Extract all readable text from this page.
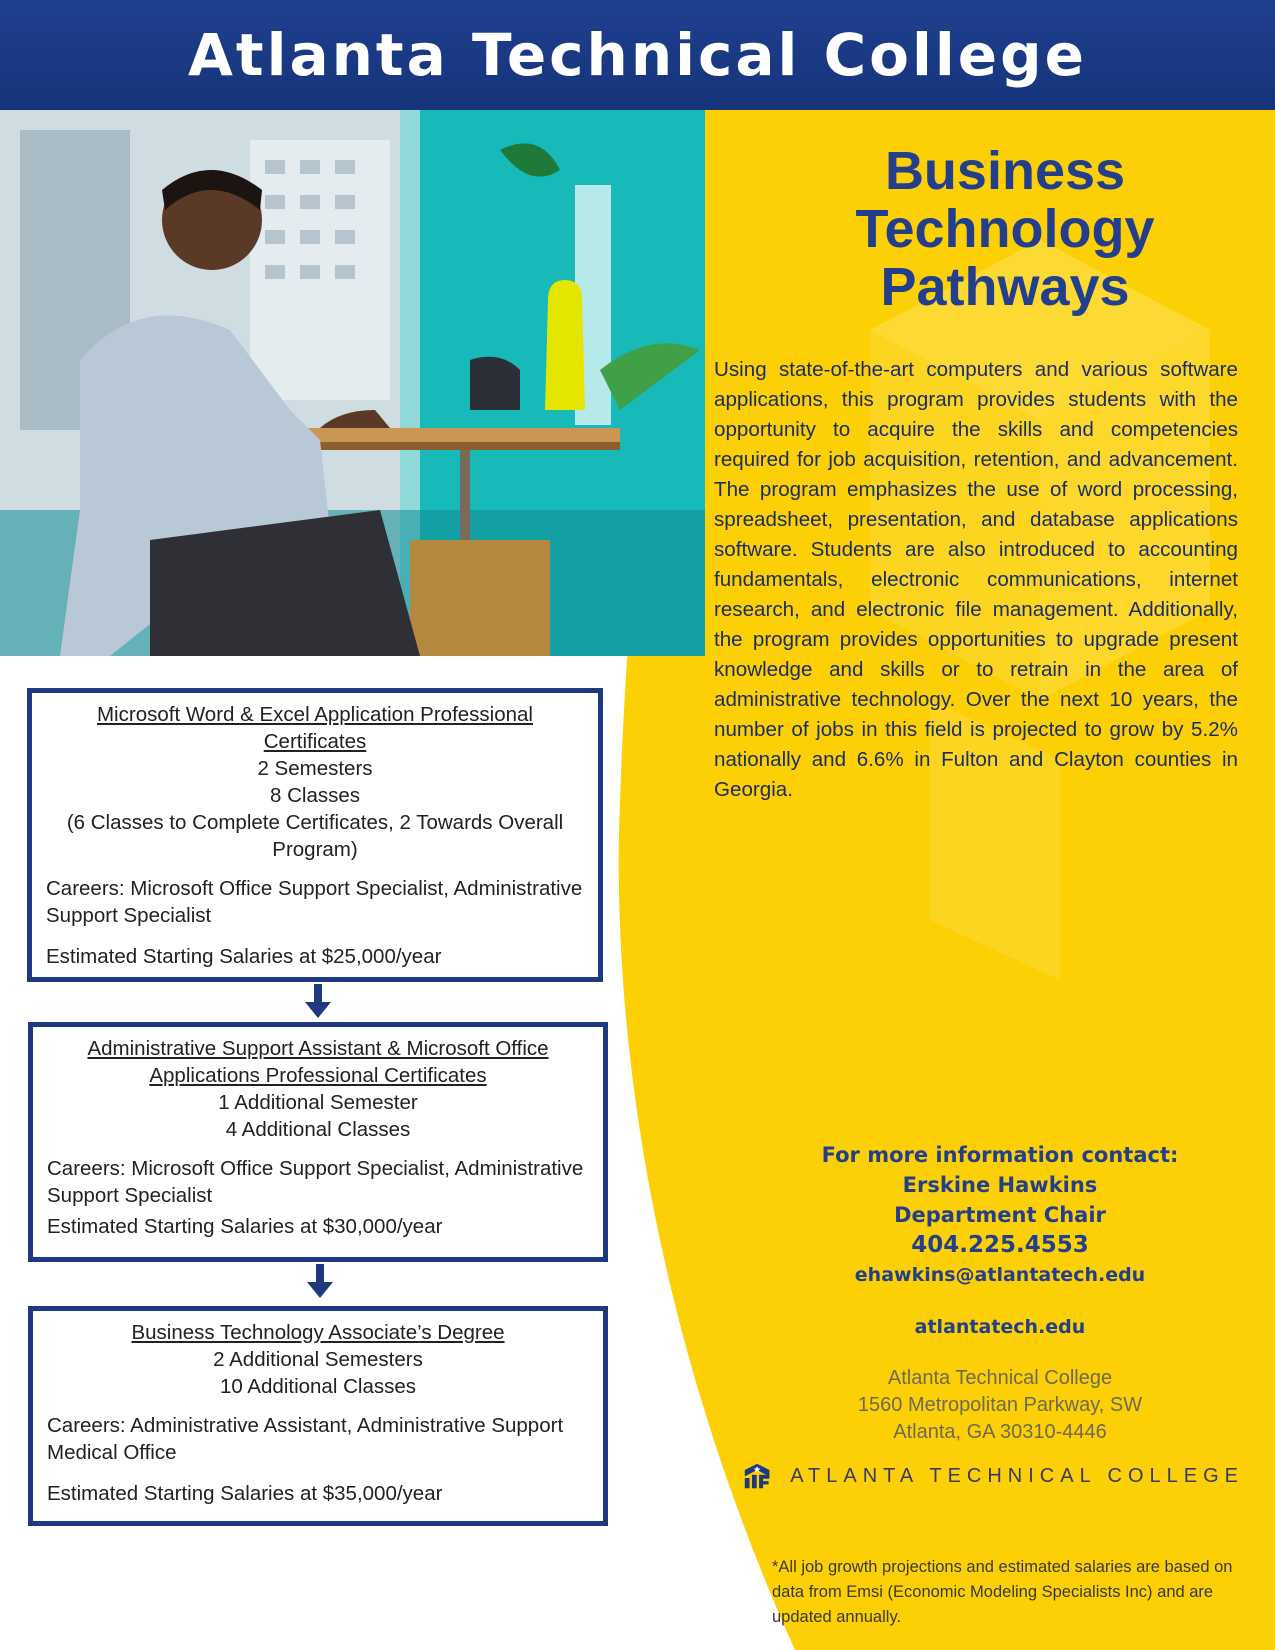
Atlanta Technical College
Business
Technology
Pathways

Using state-of-the-art computers and various software applications, this program provides students with the opportunity to acquire the skills and competencies required for job acquisition, retention, and advancement. The program emphasizes the use of word processing, spreadsheet, presentation, and database applications software. Students are also introduced to accounting fundamentals, electronic communications, internet research, and electronic file management. Additionally, the program provides opportunities to upgrade present knowledge and skills or to retrain in the area of administrative technology. Over the next 10 years, the number of jobs in this field is projected to grow by 5.2% nationally and 6.6% in Fulton and Clayton counties in Georgia.

Microsoft Word & Excel Application Professional Certificates

2 Semesters

8 Classes

(6 Classes to Complete Certificates, 2 Towards Overall Program)

Careers: Microsoft Office Support Specialist, Administrative Support Specialist

Estimated Starting Salaries at $25,000/year

Administrative Support Assistant & Microsoft Office Applications Professional Certificates

1 Additional Semester

4 Additional Classes

Careers: Microsoft Office Support Specialist, Administrative Support Specialist

Estimated Starting Salaries at $30,000/year

Business Technology Associate’s Degree

2 Additional Semesters

10 Additional Classes

Careers: Administrative Assistant, Administrative Support Medical Office

Estimated Starting Salaries at $35,000/year

For more information contact:
Erskine Hawkins
Department Chair
404.225.4553
ehawkins@atlantatech.edu
atlantatech.edu
Atlanta Technical College
1560 Metropolitan Parkway, SW
Atlanta, GA 30310-4446
ATLANTA TECHNICAL COLLEGE

*All job growth projections and estimated salaries are based on data from Emsi (Economic Modeling Specialists Inc) and are updated annually.
